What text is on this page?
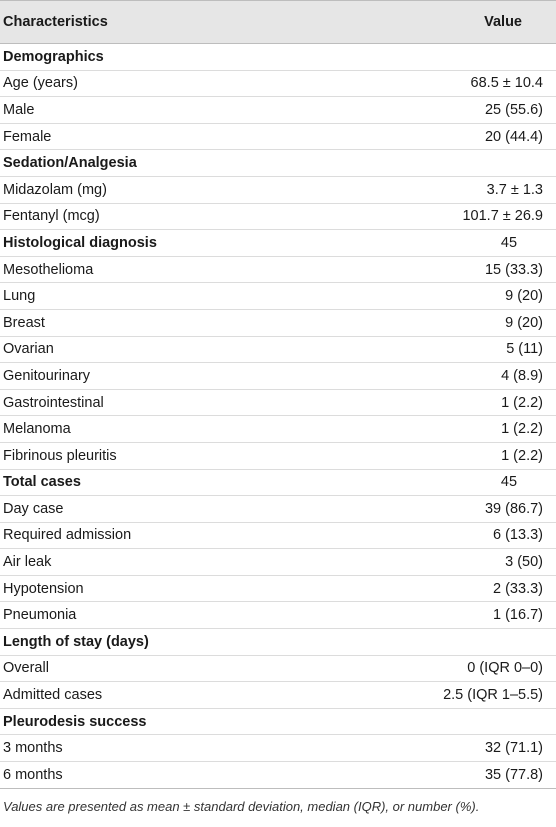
Characteristics	Value
Demographics	
Age (years)	68.5 ± 10.4
Male	25 (55.6)
Female	20 (44.4)
Sedation/Analgesia	
Midazolam (mg)	3.7 ± 1.3
Fentanyl (mcg)	101.7 ± 26.9
Histological diagnosis	45
Mesothelioma	15 (33.3)
Lung	9 (20)
Breast	9 (20)
Ovarian	5 (11)
Genitourinary	4 (8.9)
Gastrointestinal	1 (2.2)
Melanoma	1 (2.2)
Fibrinous pleuritis	1 (2.2)
Total cases	45
Day case	39 (86.7)
Required admission	6 (13.3)
Air leak	3 (50)
Hypotension	2 (33.3)
Pneumonia	1 (16.7)
Length of stay (days)	
Overall	0 (IQR 0–0)
Admitted cases	2.5 (IQR 1–5.5)
Pleurodesis success	
3 months	32 (71.1)
6 months	35 (77.8)
Values are presented as mean ± standard deviation, median (IQR), or number (%).
